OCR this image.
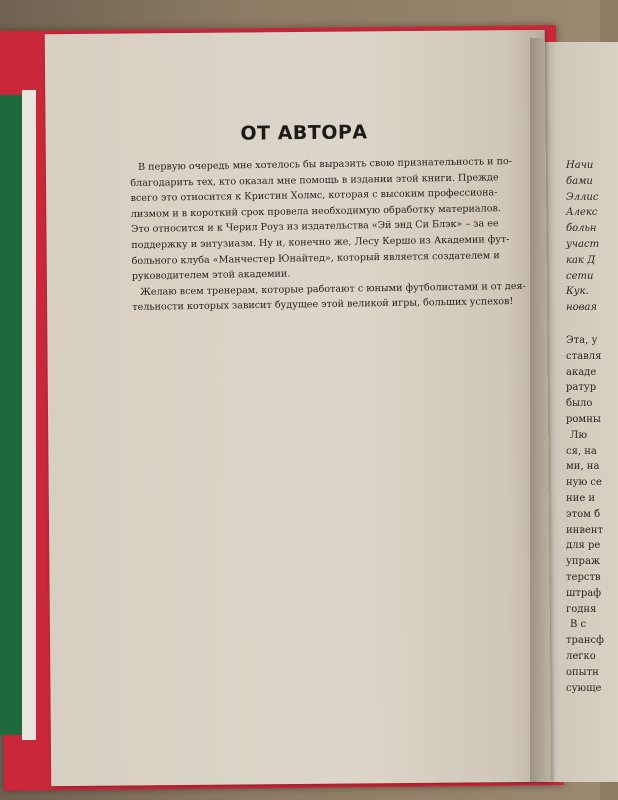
ОТ АВТОРА
В первую очередь мне хотелось бы выразить свою признательность и по-
благодарить тех, кто оказал мне помощь в издании этой книги. Прежде
всего это относится к Кристин Холмс, которая с высоким профессиона-
лизмом и в короткий срок провела необходимую обработку материалов.
Это относится и к Черил Роуз из издательства «Эй энд Си Блэк» – за ее
поддержку и энтузиазм. Ну и, конечно же, Лесу Кершо из Академии фут-
больного клуба «Манчестер Юнайтед», который является создателем и
руководителем этой академии.
Желаю всем тренерам, которые работают с юными футболистами и от дея-
тельности которых зависит будущее этой великой игры, больших успехов!
Начи
бами
Эллис
Алекс
больн
участ
как Д
сети
Кук.
новая
Эта, у
ставля
акаде
ратур
было
ромны
Лю
ся, на
ми, на
ную се
ние и
этом б
инвент
для ре
упраж
терств
штраф
годня
В с
трансф
легко
опытн
сующе
